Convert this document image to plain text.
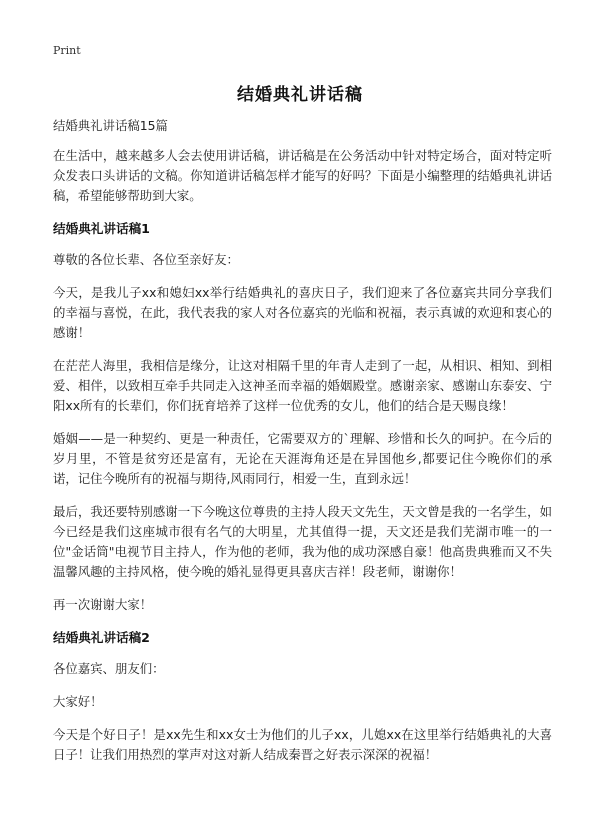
Print
结婚典礼讲话稿

结婚典礼讲话稿15篇

在生活中，越来越多人会去使用讲话稿，讲话稿是在公务活动中针对特定场合，面对特定听众发表口头讲话的文稿。你知道讲话稿怎样才能写的好吗？下面是小编整理的结婚典礼讲话稿，希望能够帮助到大家。

结婚典礼讲话稿1

尊敬的各位长辈、各位至亲好友：

今天，是我儿子xx和媳妇xx举行结婚典礼的喜庆日子，我们迎来了各位嘉宾共同分享我们的幸福与喜悦，在此，我代表我的家人对各位嘉宾的光临和祝福，表示真诚的欢迎和衷心的感谢！

在茫茫人海里，我相信是缘分，让这对相隔千里的年青人走到了一起，从相识、相知、到相爱、相伴，以致相互牵手共同走入这神圣而幸福的婚姻殿堂。感谢亲家、感谢山东泰安、宁阳xx所有的长辈们，你们抚育培养了这样一位优秀的女儿，他们的结合是天赐良缘！

婚姻——是一种契约、更是一种责任，它需要双方的`理解、珍惜和长久的呵护。在今后的岁月里，不管是贫穷还是富有，无论在天涯海角还是在异国他乡,都要记住今晚你们的承诺，记住今晚所有的祝福与期待,风雨同行，相爱一生，直到永远！

最后，我还要特别感谢一下今晚这位尊贵的主持人段天文先生，天文曾是我的一名学生，如今已经是我们这座城市很有名气的大明星，尤其值得一提，天文还是我们芜湖市唯一的一位"金话筒"电视节目主持人，作为他的老师，我为他的成功深感自豪！他高贵典雅而又不失温馨风趣的主持风格，使今晚的婚礼显得更具喜庆吉祥！段老师，谢谢你！

再一次谢谢大家！

结婚典礼讲话稿2

各位嘉宾、朋友们：

大家好！

今天是个好日子！是xx先生和xx女士为他们的儿子xx，儿媳xx在这里举行结婚典礼的大喜日子！让我们用热烈的掌声对这对新人结成秦晋之好表示深深的祝福！
